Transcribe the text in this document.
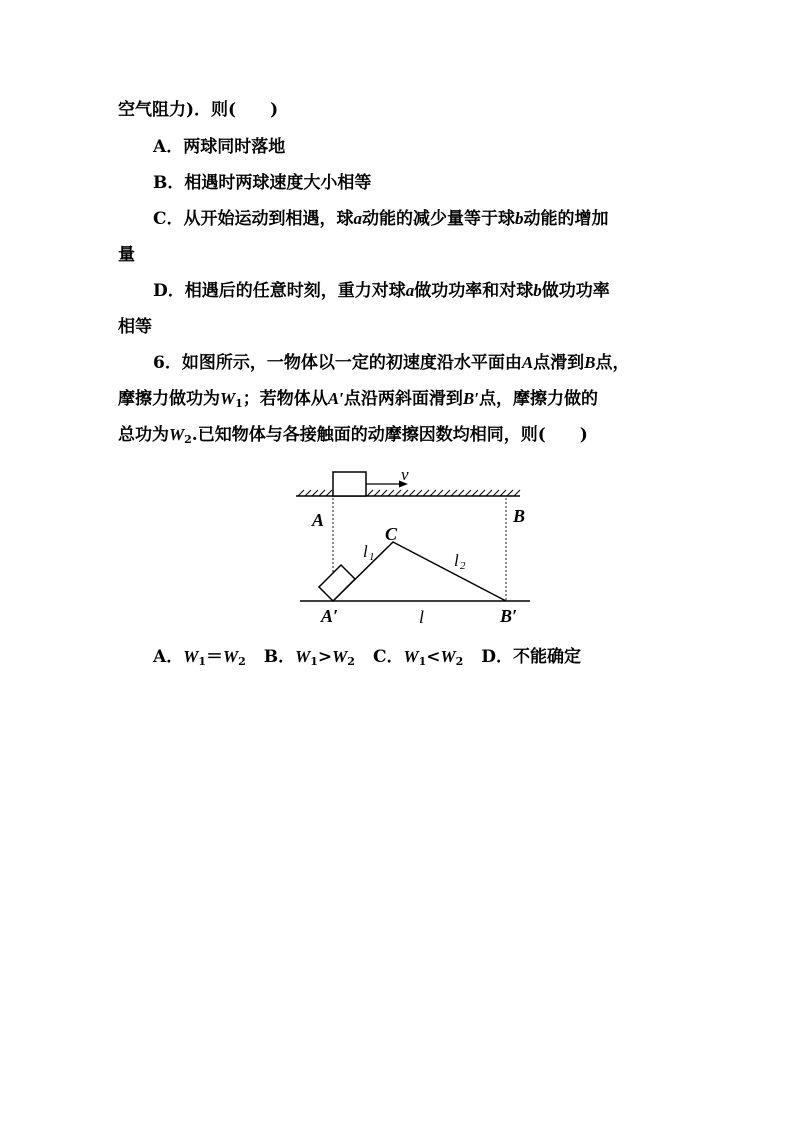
空气阻力)．则(　　)
A．两球同时落地
B．相遇时两球速度大小相等
C．从开始运动到相遇，球a动能的减少量等于球b动能的增加
量
D．相遇后的任意时刻，重力对球a做功功率和对球b做功功率
相等
6．如图所示，一物体以一定的初速度沿水平面由A点滑到B点，
摩擦力做功为$W_1$；若物体从A′点沿两斜面滑到B′点，摩擦力做的
总功为$W_2$.已知物体与各接触面的动摩擦因数均相同，则(　　)
v
A	B
C
l 1	l 2
A′	l	B′
A．$W_1=W_2$ B．$W_1>W_2$ C．$W_1<W_2$ D．不能确定
